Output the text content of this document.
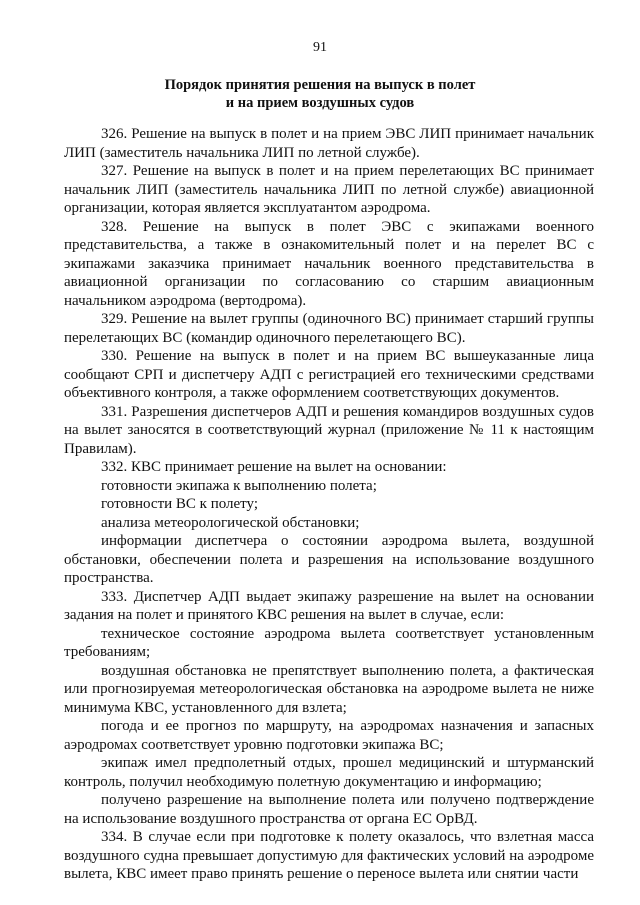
91
Порядок принятия решения на выпуск в полет
и на прием воздушных судов

326. Решение на выпуск в полет и на прием ЭВС ЛИП принимает начальник ЛИП (заместитель начальника ЛИП по летной службе).

327. Решение на выпуск в полет и на прием перелетающих ВС принимает начальник ЛИП (заместитель начальника ЛИП по летной службе) авиационной организации, которая является эксплуатантом аэродрома.

328. Решение на выпуск в полет ЭВС с экипажами военного представительства, а также в ознакомительный полет и на перелет ВС с экипажами заказчика принимает начальник военного представительства в авиационной организации по согласованию со старшим авиационным начальником аэродрома (вертодрома).

329. Решение на вылет группы (одиночного ВС) принимает старший группы перелетающих ВС (командир одиночного перелетающего ВС).

330. Решение на выпуск в полет и на прием ВС вышеуказанные лица сообщают СРП и диспетчеру АДП с регистрацией его техническими средствами объективного контроля, а также оформлением соответствующих документов.

331. Разрешения диспетчеров АДП и решения командиров воздушных судов на вылет заносятся в соответствующий журнал (приложение № 11 к настоящим Правилам).

332. КВС принимает решение на вылет на основании:

готовности экипажа к выполнению полета;

готовности ВС к полету;

анализа метеорологической обстановки;

информации диспетчера о состоянии аэродрома вылета, воздушной обстановки, обеспечении полета и разрешения на использование воздушного пространства.

333. Диспетчер АДП выдает экипажу разрешение на вылет на основании задания на полет и принятого КВС решения на вылет в случае, если:

техническое состояние аэродрома вылета соответствует установленным требованиям;

воздушная обстановка не препятствует выполнению полета, а фактическая или прогнозируемая метеорологическая обстановка на аэродроме вылета не ниже минимума КВС, установленного для взлета;

погода и ее прогноз по маршруту, на аэродромах назначения и запасных аэродромах соответствует уровню подготовки экипажа ВС;

экипаж имел предполетный отдых, прошел медицинский и штурманский контроль, получил необходимую полетную документацию и информацию;

получено разрешение на выполнение полета или получено подтверждение на использование воздушного пространства от органа ЕС ОрВД.

334. В случае если при подготовке к полету оказалось, что взлетная масса воздушного судна превышает допустимую для фактических условий на аэродроме вылета, КВС имеет право принять решение о переносе вылета или снятии части
